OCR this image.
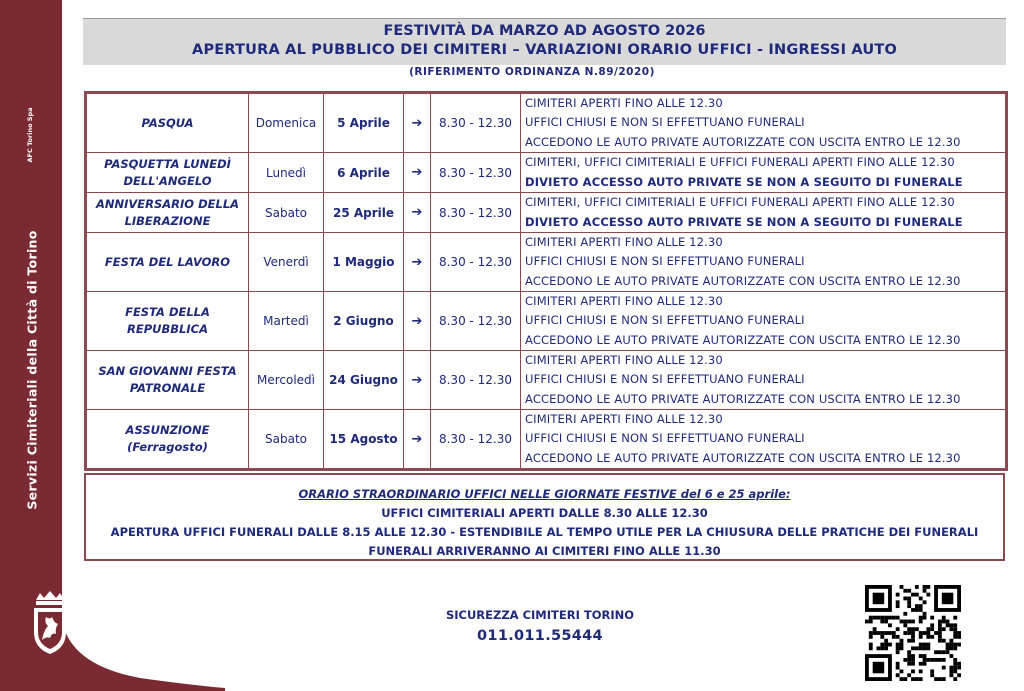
AFC Torino Spa
Servizi Cimiteriali della Città di Torino
FESTIVITÀ DA MARZO AD AGOSTO 2026
APERTURA AL PUBBLICO DEI CIMITERI – VARIAZIONI ORARIO UFFICI - INGRESSI AUTO
(RIFERIMENTO ORDINANZA N.89/2020)
PASQUA	Domenica	5 Aprile	➔	8.30 - 12.30	CIMITERI APERTI FINO ALLE 12.30
UFFICI CHIUSI E NON SI EFFETTUANO FUNERALI
ACCEDONO LE AUTO PRIVATE AUTORIZZATE CON USCITA ENTRO LE 12.30

PASQUETTA LUNEDÌ DELL'ANGELO	Lunedì	6 Aprile	➔	8.30 - 12.30	CIMITERI, UFFICI CIMITERIALI E UFFICI FUNERALI APERTI FINO ALLE 12.30
DIVIETO ACCESSO AUTO PRIVATE SE NON A SEGUITO DI FUNERALE

ANNIVERSARIO DELLA LIBERAZIONE	Sabato	25 Aprile	➔	8.30 - 12.30	CIMITERI, UFFICI CIMITERIALI E UFFICI FUNERALI APERTI FINO ALLE 12.30
DIVIETO ACCESSO AUTO PRIVATE SE NON A SEGUITO DI FUNERALE

FESTA DEL LAVORO	Venerdì	1 Maggio	➔	8.30 - 12.30	CIMITERI APERTI FINO ALLE 12.30
UFFICI CHIUSI E NON SI EFFETTUANO FUNERALI
ACCEDONO LE AUTO PRIVATE AUTORIZZATE CON USCITA ENTRO LE 12.30

FESTA DELLA REPUBBLICA	Martedì	2 Giugno	➔	8.30 - 12.30	CIMITERI APERTI FINO ALLE 12.30
UFFICI CHIUSI E NON SI EFFETTUANO FUNERALI
ACCEDONO LE AUTO PRIVATE AUTORIZZATE CON USCITA ENTRO LE 12.30

SAN GIOVANNI FESTA PATRONALE	Mercoledì	24 Giugno	➔	8.30 - 12.30	CIMITERI APERTI FINO ALLE 12.30
UFFICI CHIUSI E NON SI EFFETTUANO FUNERALI
ACCEDONO LE AUTO PRIVATE AUTORIZZATE CON USCITA ENTRO LE 12.30

ASSUNZIONE (Ferragosto)	Sabato	15 Agosto	➔	8.30 - 12.30	CIMITERI APERTI FINO ALLE 12.30
UFFICI CHIUSI E NON SI EFFETTUANO FUNERALI
ACCEDONO LE AUTO PRIVATE AUTORIZZATE CON USCITA ENTRO LE 12.30
ORARIO STRAORDINARIO UFFICI NELLE GIORNATE FESTIVE del 6 e 25 aprile:
UFFICI CIMITERIALI APERTI DALLE 8.30 ALLE 12.30
APERTURA UFFICI FUNERALI DALLE 8.15 ALLE 12.30 - ESTENDIBILE AL TEMPO UTILE PER LA CHIUSURA DELLE PRATICHE DEI FUNERALI
FUNERALI ARRIVERANNO AI CIMITERI FINO ALLE 11.30
SICUREZZA CIMITERI TORINO
011.011.55444
